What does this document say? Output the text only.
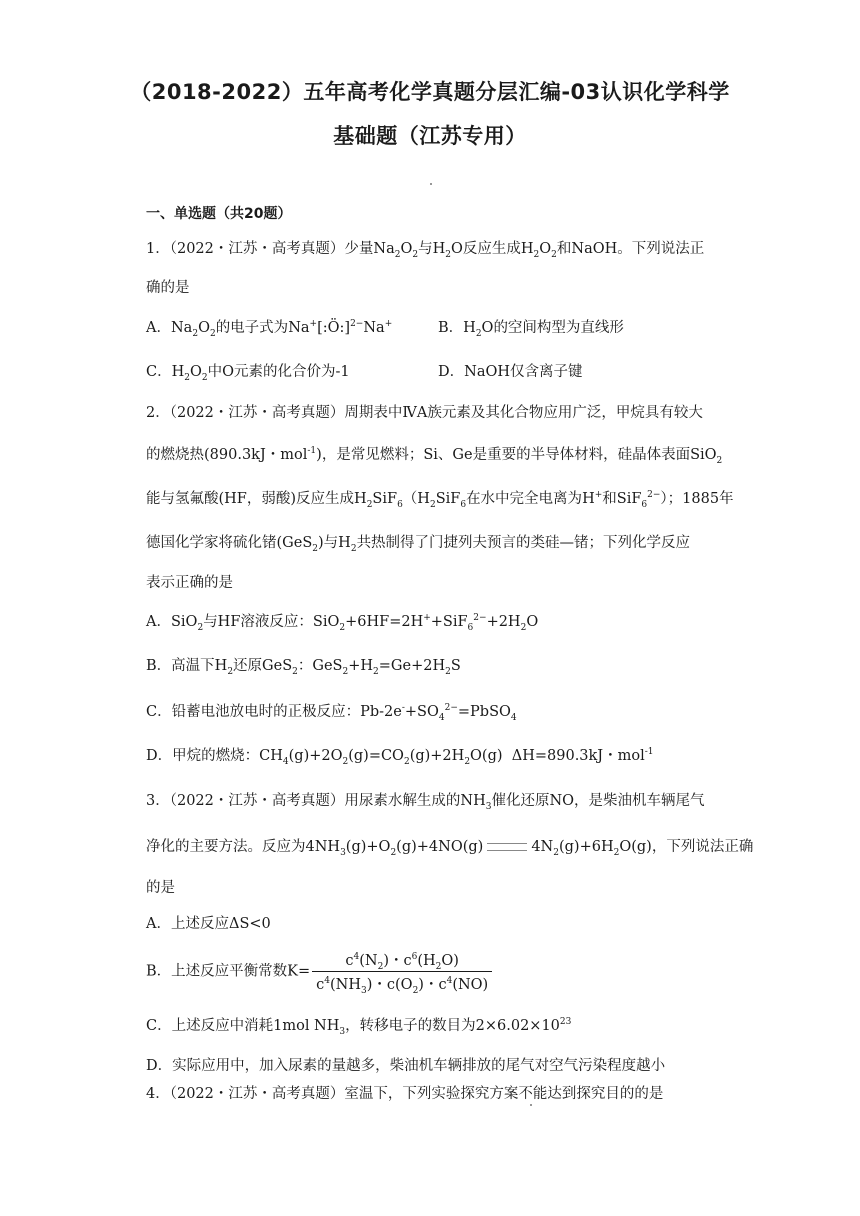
（2018-2022）五年高考化学真题分层汇编-03认识化学科学
基础题（江苏专用）
一、单选题（共20题）
1．（2022・江苏・高考真题）少量$Na_2O_2$与$H_2O$反应生成$H_2O_2$和NaOH。下列说法正
确的是
A．$Na_2O_2$的电子式为Na+[:Ö:]$^{2-}$Na+	B．$H_2O$的空间构型为直线形
C．$H_2O_2$中O元素的化合价为-1	D．NaOH仅含离子键
2．（2022・江苏・高考真题）周期表中ⅣA族元素及其化合物应用广泛，甲烷具有较大
的燃烧热(890.3kJ・mol$^{-1}$)，是常见燃料；Si、Ge是重要的半导体材料，硅晶体表面SiO$_2$
能与氢氟酸(HF，弱酸)反应生成$H_2SiF_6(H_2SiF_6$在水中完全电离为H+和SiF$_6^{2-}$）；1885年
德国化学家将硫化锗(GeS$_2$)与$H_2$共热制得了门捷列夫预言的类硅—锗；下列化学反应
表示正确的是
A．SiO$_2$与HF溶液反应：$SiO_2+6HF=2H^++SiF_6^{2-}+2H_2O$
B．高温下$H_2$还原GeS$_2$：$GeS_2+H_2=Ge+2H_2S$
C．铅蓄电池放电时的正极反应：$Pb-2e^-+SO_4^{2-}=PbSO_4$
D．甲烷的燃烧：$CH_4(g)+2O_2(g)=CO_2(g)+2H_2O(g)$  ΔH=890.3kJ・mol$^{-1}$
3．（2022・江苏・高考真题）用尿素水解生成的$NH_3$催化还原NO，是柴油机车辆尾气
净化的主要方法。反应为$4NH_3(g)+O_2(g)+4NO(g)$	$4N_2(g)+6H_2O(g)$，下列说法正确
的是
A．上述反应ΔS<0
B．上述反应平衡常数$K= \frac{c^4(N_2)・c^6(H_2O)}{c^4(NH_3)・c(O_2)・c^4(NO)}$
C．上述反应中消耗1mol $NH_3$，转移电子的数目为$2\times 6.02\times 10^{23}$
D．实际应用中，加入尿素的量越多，柴油机车辆排放的尾气对空气污染程度越小
4．（2022・江苏・高考真题）室温下，下列实验探究方案不能达到探究目的的是
